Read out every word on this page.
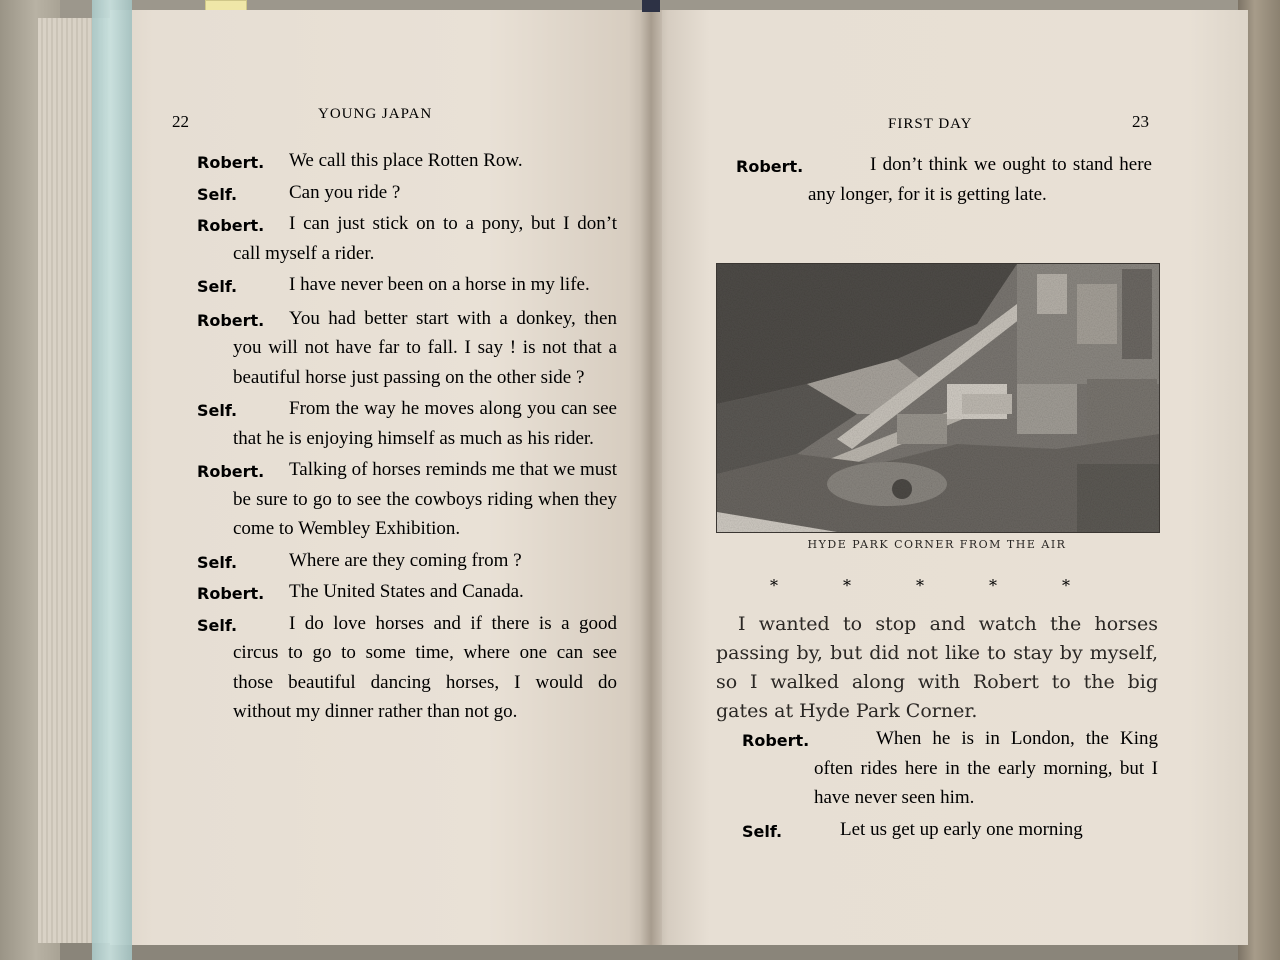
22	YOUNG JAPAN
Robert.	We call this place Rotten Row.
Self.	Can you ride ?
Robert.	I can just stick on to a pony, but I don’t call myself a rider.
Self.	I have never been on a horse in my life.
Robert.	You had better start with a donkey, then you will not have far to fall. I say ! is not that a beautiful horse just passing on the other side ?
Self.	From the way he moves along you can see that he is enjoying himself as much as his rider.
Robert.	Talking of horses reminds me that we must be sure to go to see the cowboys riding when they come to Wembley Exhibition.
Self.	Where are they coming from ?
Robert.	The United States and Canada.
Self.	I do love horses and if there is a good circus to go to some time, where one can see those beautiful dancing horses, I would do without my dinner rather than not go.
FIRST DAY	23
Robert.	I don’t think we ought to stand here any longer, for it is getting late.
HYDE PARK CORNER FROM THE AIR
*	*	*	*	*
I wanted to stop and watch the horses passing by, but did not like to stay by myself, so I walked along with Robert to the big gates at Hyde Park Corner.
Robert.	When he is in London, the King often rides here in the early morning, but I have never seen him.
Self.	Let us get up early one morning
